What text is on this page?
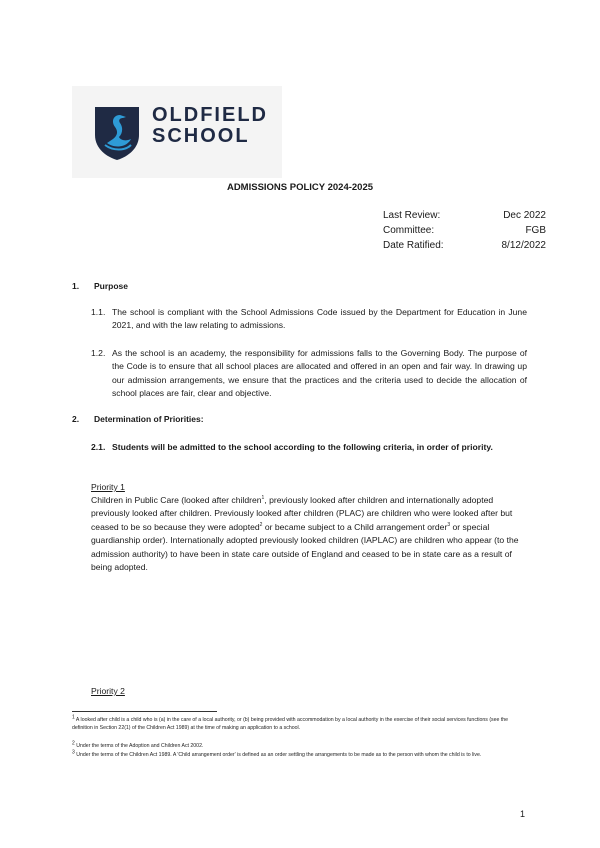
OLDFIELD
SCHOOL
ADMISSIONS POLICY 2024-2025
Last Review:	Dec 2022
Committee:	FGB
Date Ratified:	8/12/2022
1. Purpose
1.1. The school is compliant with the School Admissions Code issued by the Department for Education in June 2021, and with the law relating to admissions.
1.2. As the school is an academy, the responsibility for admissions falls to the Governing Body. The purpose of the Code is to ensure that all school places are allocated and offered in an open and fair way. In drawing up our admission arrangements, we ensure that the practices and the criteria used to decide the allocation of school places are fair, clear and objective.
2. Determination of Priorities:
2.1. Students will be admitted to the school according to the following criteria, in order of priority.
Priority 1
Children in Public Care (looked after children$^1$, previously looked after children and internationally adopted previously looked after children. Previously looked after children (PLAC) are children who were looked after but ceased to be so because they were adopted$^2$ or became subject to a Child arrangement order$^3$ or special guardianship order). Internationally adopted previously looked children (IAPLAC) are children who appear (to the admission authority) to have been in state care outside of England and ceased to be in state care as a result of being adopted.
Priority 2
$^1$ A looked after child is a child who is (a) in the care of a local authority, or (b) being provided with accommodation by a local authority in the exercise of their social services functions (see the definition in Section 22(1) of the Children Act 1989) at the time of making an application to a school.
$^2$ Under the terms of the Adoption and Children Act 2002.
$^3$ Under the terms of the Children Act 1989. A 'Child arrangement order' is defined as an order settling the arrangements to be made as to the person with whom the child is to live.
1
